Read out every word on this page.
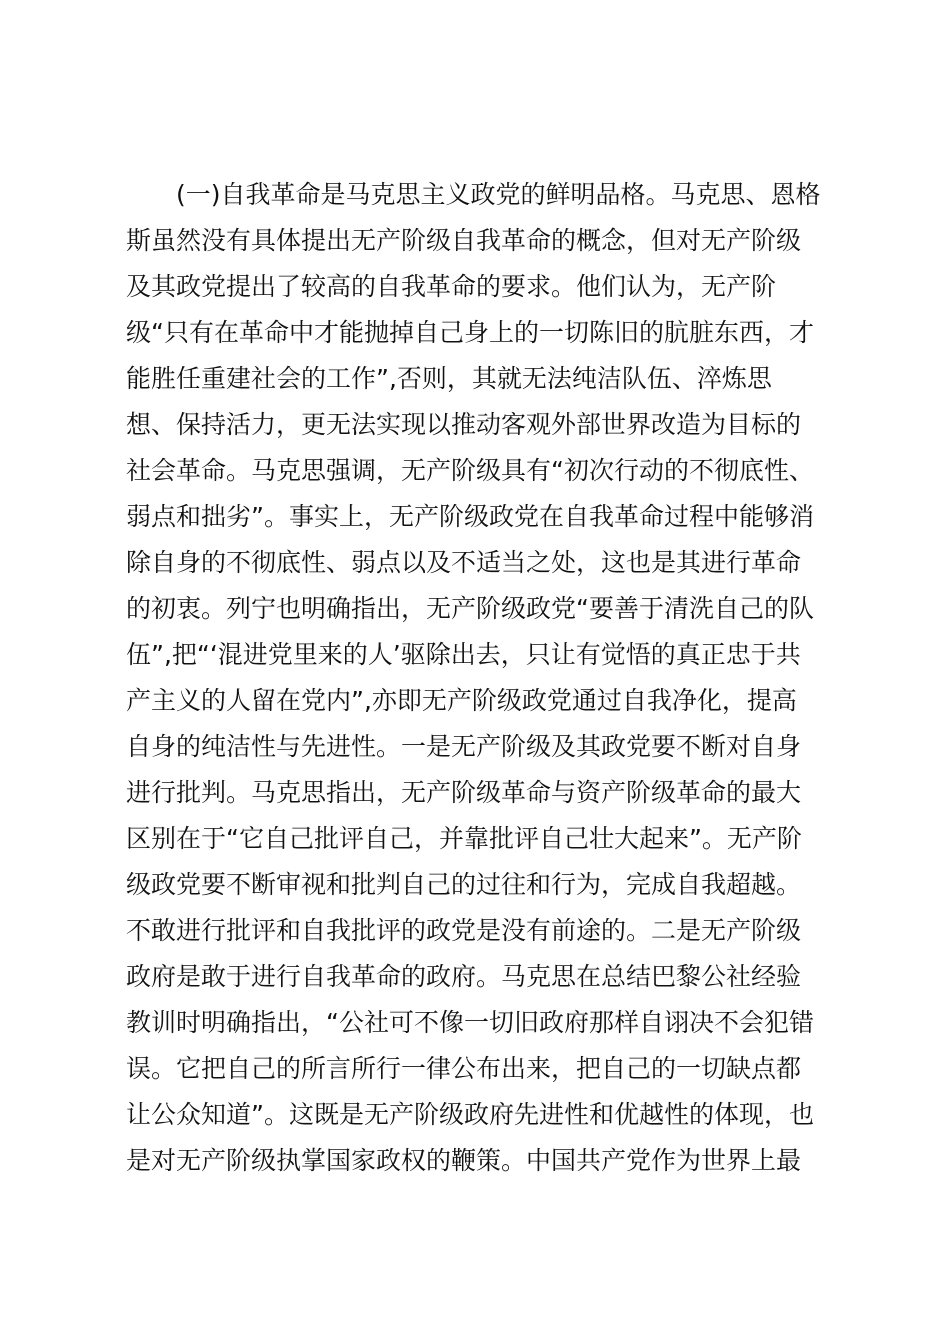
(一)自我革命是马克思主义政党的鲜明品格。马克思、恩格
斯虽然没有具体提出无产阶级自我革命的概念，但对无产阶级
及其政党提出了较高的自我革命的要求。他们认为，无产阶
级“只有在革命中才能抛掉自己身上的一切陈旧的肮脏东西，才
能胜任重建社会的工作”,否则，其就无法纯洁队伍、淬炼思
想、保持活力，更无法实现以推动客观外部世界改造为目标的
社会革命。马克思强调，无产阶级具有“初次行动的不彻底性、
弱点和拙劣”。事实上，无产阶级政党在自我革命过程中能够消
除自身的不彻底性、弱点以及不适当之处，这也是其进行革命
的初衷。列宁也明确指出，无产阶级政党“要善于清洗自己的队
伍”,把“‘混进党里来的人’驱除出去，只让有觉悟的真正忠于共
产主义的人留在党内”,亦即无产阶级政党通过自我净化，提高
自身的纯洁性与先进性。一是无产阶级及其政党要不断对自身
进行批判。马克思指出，无产阶级革命与资产阶级革命的最大
区别在于“它自己批评自己，并靠批评自己壮大起来”。无产阶
级政党要不断审视和批判自己的过往和行为，完成自我超越。
不敢进行批评和自我批评的政党是没有前途的。二是无产阶级
政府是敢于进行自我革命的政府。马克思在总结巴黎公社经验
教训时明确指出，“公社可不像一切旧政府那样自诩决不会犯错
误。它把自己的所言所行一律公布出来，把自己的一切缺点都
让公众知道”。这既是无产阶级政府先进性和优越性的体现，也
是对无产阶级执掌国家政权的鞭策。中国共产党作为世界上最
